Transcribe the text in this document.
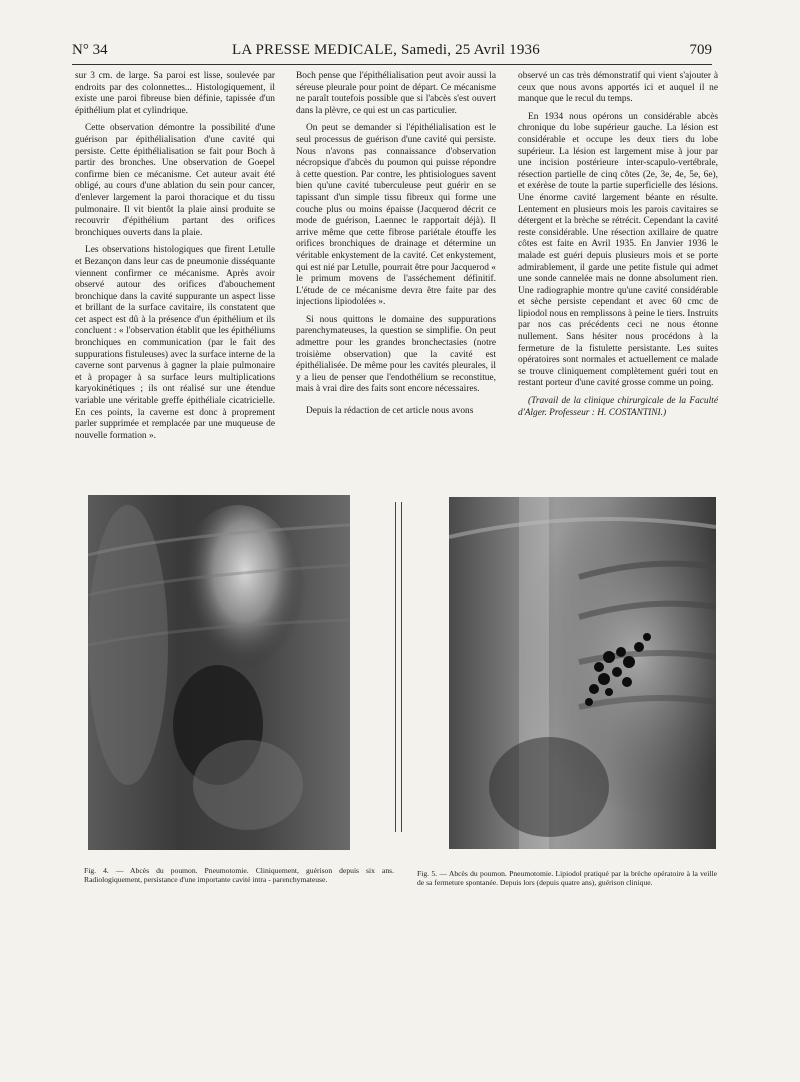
N° 34	LA PRESSE MEDICALE, Samedi, 25 Avril 1936	709

sur 3 cm. de large. Sa paroi est lisse, soulevée par endroits par des colonnettes... Histologiquement, il existe une paroi fibreuse bien définie, tapissée d'un épithélium plat et cylindrique.

Cette observation démontre la possibilité d'une guérison par épithélialisation d'une cavité qui persiste. Cette épithélialisation se fait pour Boch à partir des bronches. Une observation de Goepel confirme bien ce mécanisme. Cet auteur avait été obligé, au cours d'une ablation du sein pour cancer, d'enlever largement la paroi thoracique et du tissu pulmonaire. Il vit bientôt la plaie ainsi produite se recouvrir d'épithélium partant des orifices bronchiques ouverts dans la plaie.

Les observations histologiques que firent Letulle et Bezançon dans leur cas de pneumonie disséquante viennent confirmer ce mécanisme. Après avoir observé autour des orifices d'abouchement bronchique dans la cavité suppurante un aspect lisse et brillant de la surface cavitaire, ils constatent que cet aspect est dû à la présence d'un épithélium et ils concluent : « l'observation établit que les épithéliums bronchiques en communication (par le fait des suppurations fistuleuses) avec la surface interne de la caverne sont parvenus à gagner la plaie pulmonaire et à propager à sa surface leurs multiplications karyokinétiques ; ils ont réalisé sur une étendue variable une véritable greffe épithéliale cicatricielle. En ces points, la caverne est donc à proprement parler supprimée et remplacée par une muqueuse de nouvelle formation ».

Boch pense que l'épithélialisation peut avoir aussi la séreuse pleurale pour point de départ. Ce mécanisme ne paraît toutefois possible que si l'abcès s'est ouvert dans la plèvre, ce qui est un cas particulier.

On peut se demander si l'épithélialisation est le seul processus de guérison d'une cavité qui persiste. Nous n'avons pas connaissance d'observation nécropsique d'abcès du poumon qui puisse répondre à cette question. Par contre, les phtisiologues savent bien qu'une cavité tuberculeuse peut guérir en se tapissant d'un simple tissu fibreux qui forme une couche plus ou moins épaisse (Jacquerod décrit ce mode de guérison, Laennec le rapportait déjà). Il arrive même que cette fibrose pariétale étouffe les orifices bronchiques de drainage et détermine un véritable enkystement de la cavité. Cet enkystement, qui est nié par Letulle, pourrait être pour Jacquerod « le primum movens de l'asséchement définitif. L'étude de ce mécanisme devra être faite par des injections lipiodolées ».

Si nous quittons le domaine des suppurations parenchymateuses, la question se simplifie. On peut admettre pour les grandes bronchectasies (notre troisième observation) que la cavité est épithélialisée. De même pour les cavités pleurales, il y a lieu de penser que l'endothélium se reconstitue, mais à vrai dire des faits sont encore nécessaires.

Depuis la rédaction de cet article nous avons

observé un cas très démonstratif qui vient s'ajouter à ceux que nous avons apportés ici et auquel il ne manque que le recul du temps.

En 1934 nous opérons un considérable abcès chronique du lobe supérieur gauche. La lésion est considérable et occupe les deux tiers du lobe supérieur. La lésion est largement mise à jour par une incision postérieure inter-scapulo-vertébrale, résection partielle de cinq côtes (2e, 3e, 4e, 5e, 6e), et exérèse de toute la partie superficielle des lésions. Une énorme cavité largement béante en résulte. Lentement en plusieurs mois les parois cavitaires se détergent et la brèche se rétrécit. Cependant la cavité reste considérable. Une résection axillaire de quatre côtes est faite en Avril 1935. En Janvier 1936 le malade est guéri depuis plusieurs mois et se porte admirablement, il garde une petite fistule qui admet une sonde cannelée mais ne donne absolument rien. Une radiographie montre qu'une cavité considérable et sèche persiste cependant et avec 60 cmc de lipiodol nous en remplissons à peine le tiers. Instruits par nos cas précédents ceci ne nous étonne nullement. Sans hésiter nous procédons à la fermeture de la fistulette persistante. Les suites opératoires sont normales et actuellement ce malade se trouve cliniquement complètement guéri tout en restant porteur d'une cavité grosse comme un poing.

(Travail de la clinique chirurgicale de la Faculté d'Alger. Professeur : H. COSTANTINI.)

Fig. 4. — Abcès du poumon. Pneumotomie. Cliniquement, guérison depuis six ans. Radiologiquement, persistance d'une importante cavité intra - parenchymateuse.
Fig. 5. — Abcès du poumon. Pneumotomie. Lipiodol pratiqué par la brèche opératoire à la veille de sa fermeture spontanée. Depuis lors (depuis quatre ans), guérison clinique.
